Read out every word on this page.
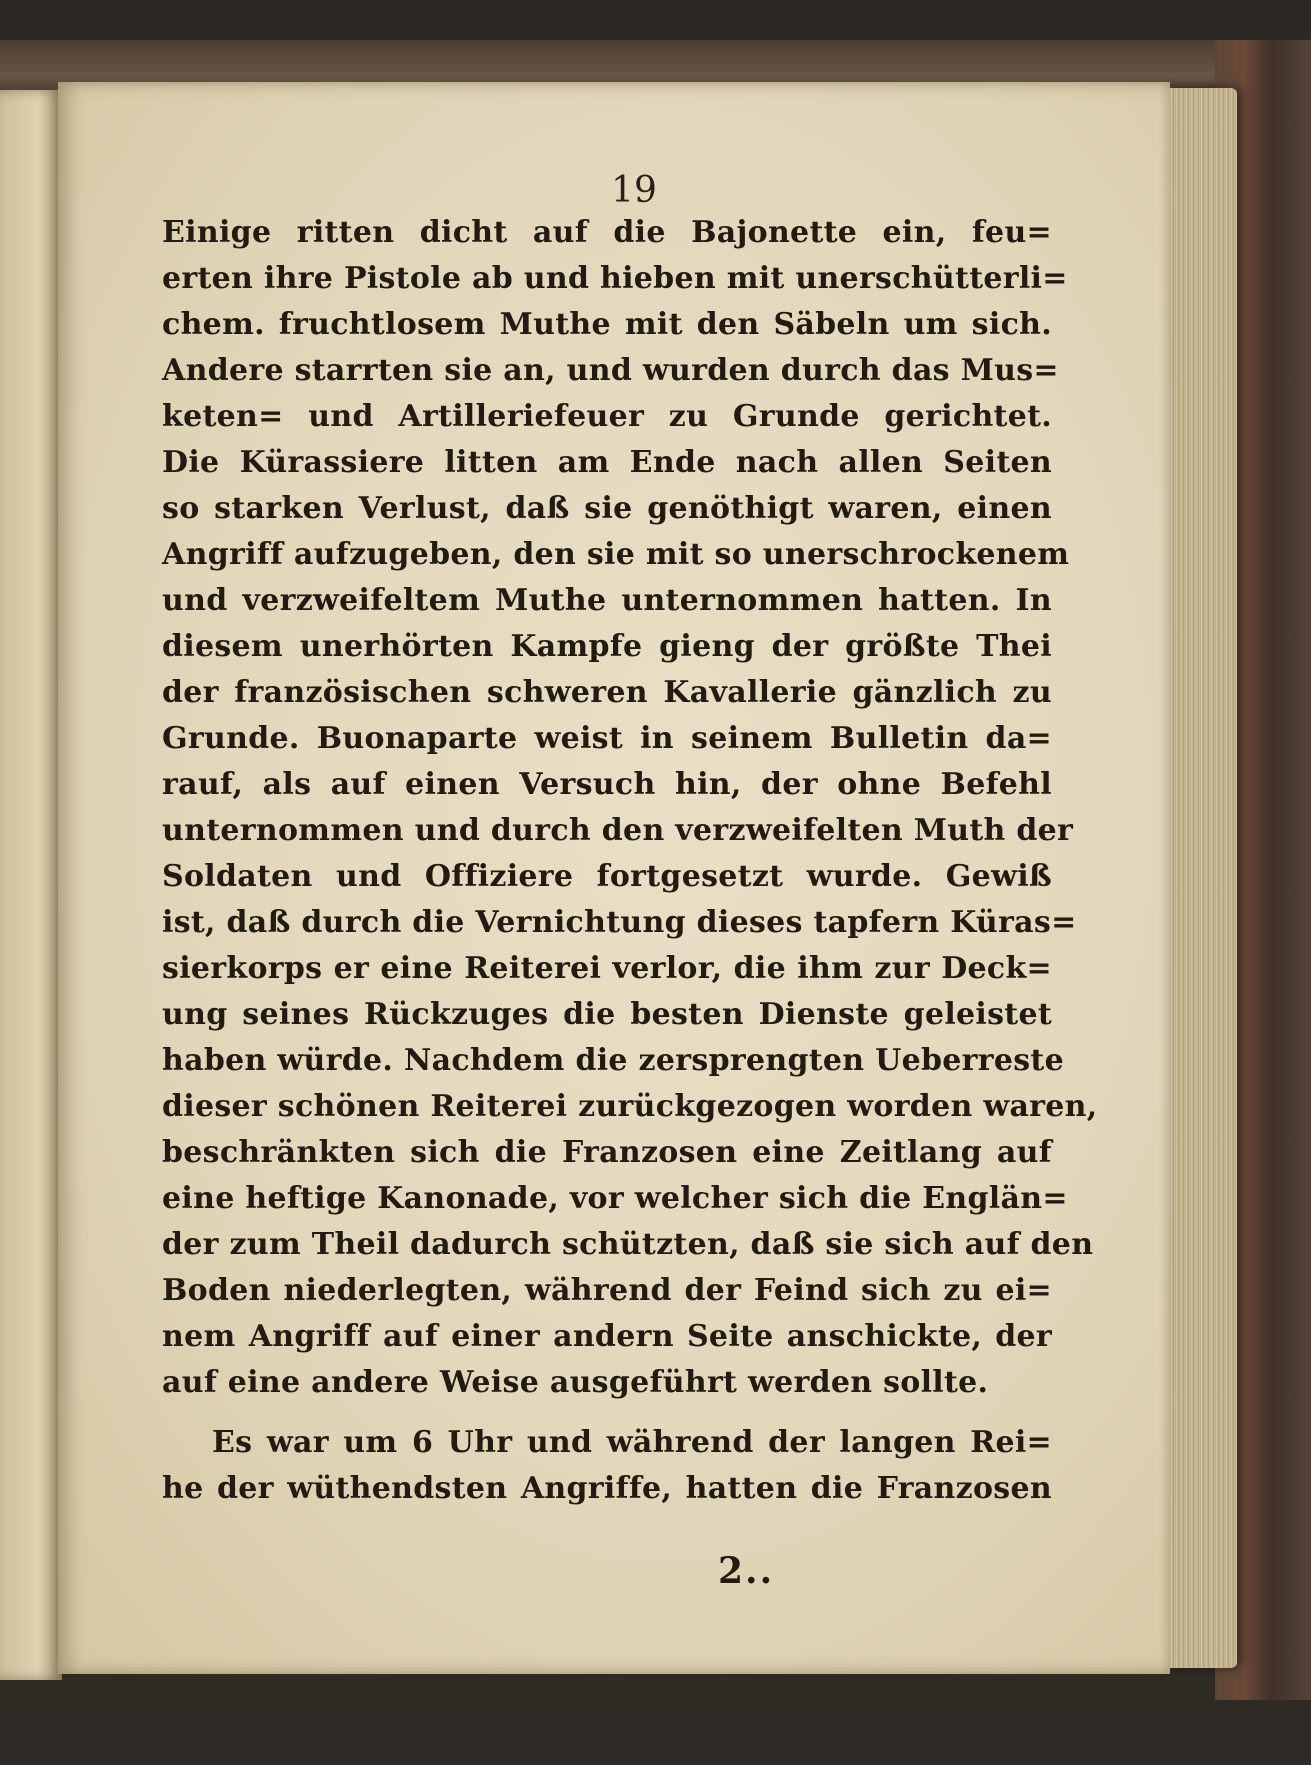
19
Einige ritten dicht auf die Bajonette ein, feu=
erten ihre Pistole ab und hieben mit unerschütterli=
chem. fruchtlosem Muthe mit den Säbeln um sich.
Andere starrten sie an, und wurden durch das Mus=
keten= und Artilleriefeuer zu Grunde gerichtet.
Die Kürassiere litten am Ende nach allen Seiten
so starken Verlust, daß sie genöthigt waren, einen
Angriff aufzugeben, den sie mit so unerschrockenem
und verzweifeltem Muthe unternommen hatten. In
diesem unerhörten Kampfe gieng der größte Thei
der französischen schweren Kavallerie gänzlich zu
Grunde. Buonaparte weist in seinem Bulletin da=
rauf, als auf einen Versuch hin, der ohne Befehl
unternommen und durch den verzweifelten Muth der
Soldaten und Offiziere fortgesetzt wurde. Gewiß
ist, daß durch die Vernichtung dieses tapfern Küras=
sierkorps er eine Reiterei verlor, die ihm zur Deck=
ung seines Rückzuges die besten Dienste geleistet
haben würde. Nachdem die zersprengten Ueberreste
dieser schönen Reiterei zurückgezogen worden waren,
beschränkten sich die Franzosen eine Zeitlang auf
eine heftige Kanonade, vor welcher sich die Englän=
der zum Theil dadurch schützten, daß sie sich auf den
Boden niederlegten, während der Feind sich zu ei=
nem Angriff auf einer andern Seite anschickte, der
auf eine andere Weise ausgeführt werden sollte.
Es war um 6 Uhr und während der langen Rei=
he der wüthendsten Angriffe, hatten die Franzosen
2..
